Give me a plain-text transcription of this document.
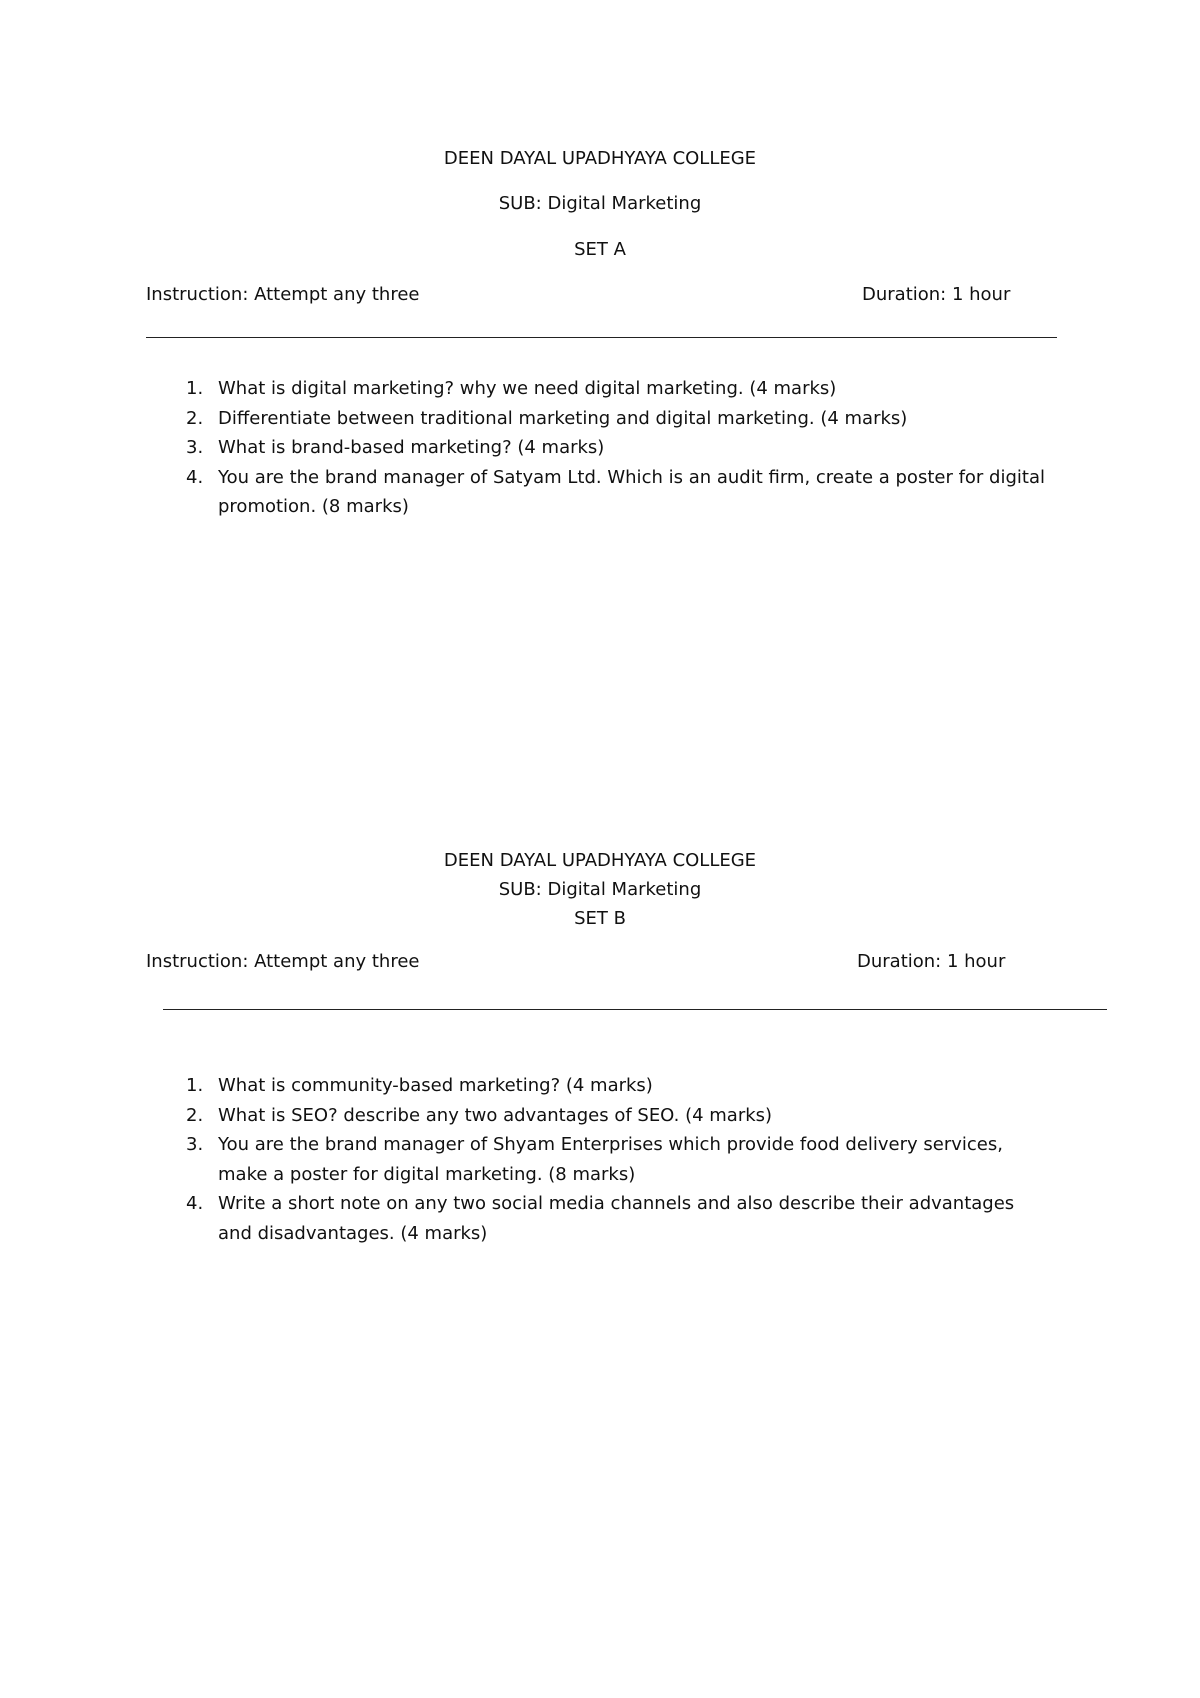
DEEN DAYAL UPADHYAYA COLLEGE
SUB: Digital Marketing
SET A
Instruction: Attempt any three	Duration: 1 hour
1. What is digital marketing? why we need digital marketing. (4 marks)
2. Differentiate between traditional marketing and digital marketing. (4 marks)
3. What is brand-based marketing? (4 marks)
4. You are the brand manager of Satyam Ltd. Which is an audit firm, create a poster for digital promotion. (8 marks)
DEEN DAYAL UPADHYAYA COLLEGE
SUB: Digital Marketing
SET B
Instruction: Attempt any three	Duration: 1 hour
1. What is community-based marketing? (4 marks)
2. What is SEO? describe any two advantages of SEO. (4 marks)
3. You are the brand manager of Shyam Enterprises which provide food delivery services, make a poster for digital marketing. (8 marks)
4. Write a short note on any two social media channels and also describe their advantages and disadvantages. (4 marks)
